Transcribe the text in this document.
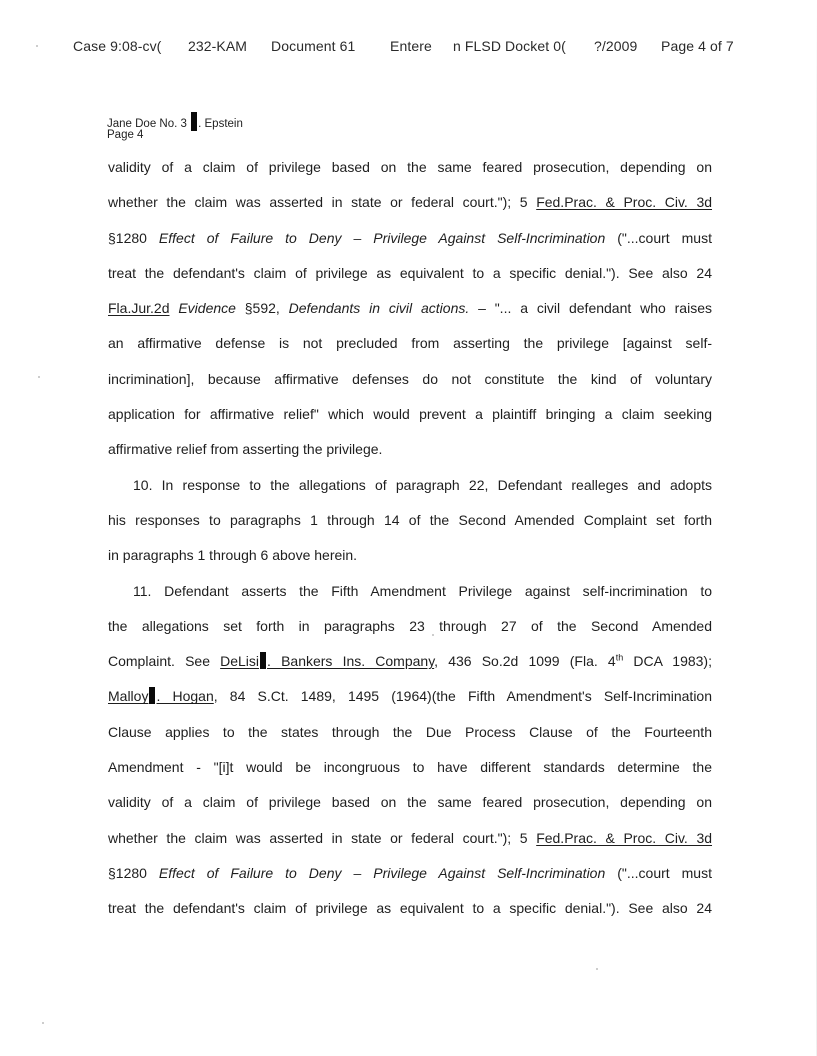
Case 9:08-cv( 232-KAM Document 61 Entere n FLSD Docket 0( ?/2009 Page 4 of 7
Jane Doe No. 3 . Epstein
Page 4
validity of a claim of privilege based on the same feared prosecution, depending on
whether the claim was asserted in state or federal court."); 5 Fed.Prac. & Proc. Civ. 3d
§1280 Effect of Failure to Deny – Privilege Against Self-Incrimination ("...court must
treat the defendant's claim of privilege as equivalent to a specific denial."). See also 24
Fla.Jur.2d Evidence §592, Defendants in civil actions. – "... a civil defendant who raises
an affirmative defense is not precluded from asserting the privilege [against self-
incrimination], because affirmative defenses do not constitute the kind of voluntary
application for affirmative relief" which would prevent a plaintiff bringing a claim seeking
affirmative relief from asserting the privilege.
10. In response to the allegations of paragraph 22, Defendant realleges and adopts
his responses to paragraphs 1 through 14 of the Second Amended Complaint set forth
in paragraphs 1 through 6 above herein.
11. Defendant asserts the Fifth Amendment Privilege against self-incrimination to
the allegations set forth in paragraphs 23 through 27 of the Second Amended
Complaint. See DeLisi . Bankers Ins. Company, 436 So.2d 1099 (Fla. 4th DCA 1983);
Malloy . Hogan, 84 S.Ct. 1489, 1495 (1964)(the Fifth Amendment's Self-Incrimination
Clause applies to the states through the Due Process Clause of the Fourteenth
Amendment - "[i]t would be incongruous to have different standards determine the
validity of a claim of privilege based on the same feared prosecution, depending on
whether the claim was asserted in state or federal court."); 5 Fed.Prac. & Proc. Civ. 3d
§1280 Effect of Failure to Deny – Privilege Against Self-Incrimination ("...court must
treat the defendant's claim of privilege as equivalent to a specific denial."). See also 24
